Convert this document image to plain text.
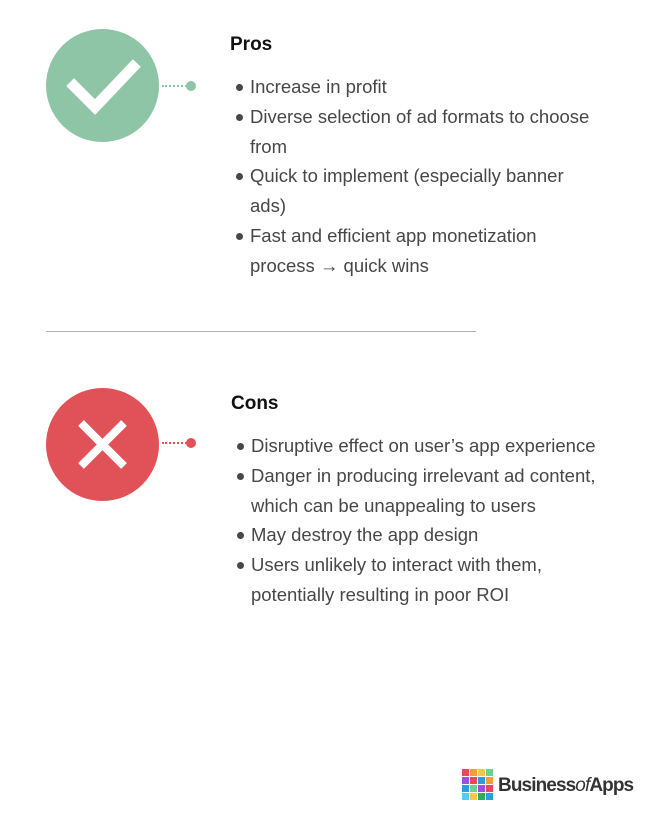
Pros
Increase in profit
Diverse selection of ad formats to choose from
Quick to implement (especially banner ads)
Fast and efficient app monetization process → quick wins
Cons
Disruptive effect on user’s app experience
Danger in producing irrelevant ad content, which can be unappealing to users
May destroy the app design
Users unlikely to interact with them, potentially resulting in poor ROI
BusinessofApps
